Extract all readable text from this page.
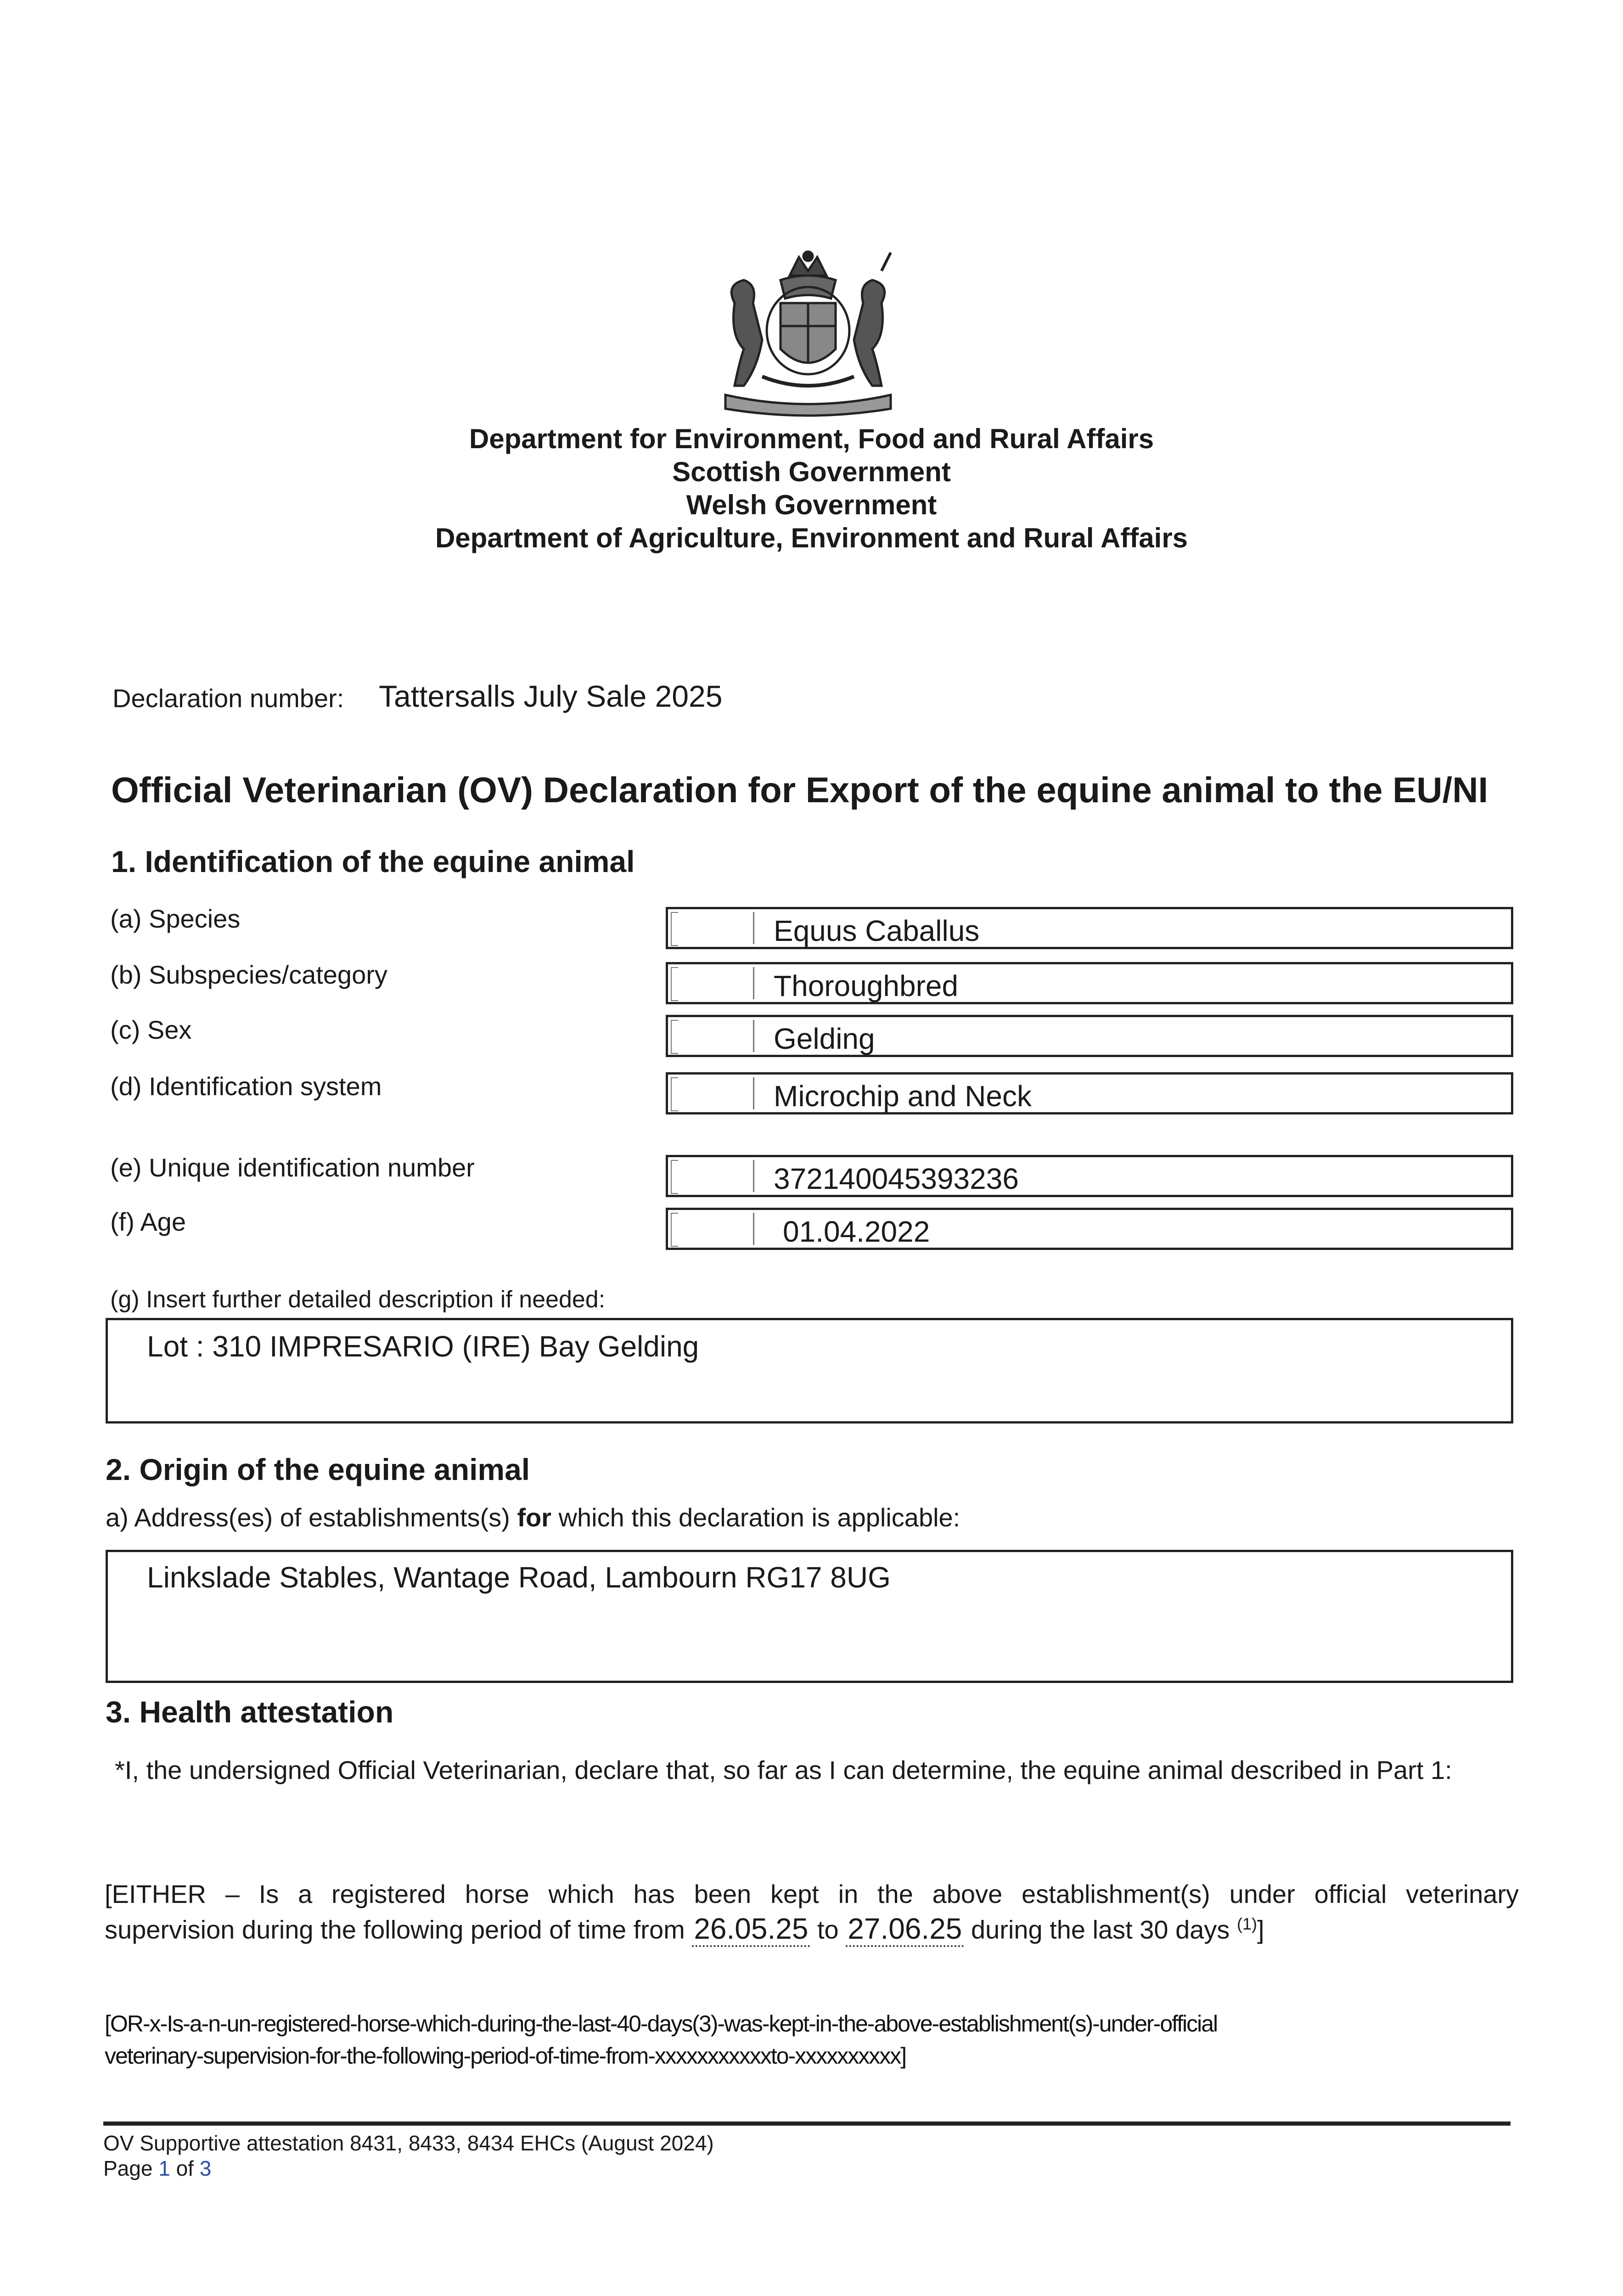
Department for Environment, Food and Rural Affairs
Scottish Government
Welsh Government
Department of Agriculture, Environment and Rural Affairs
Declaration number: Tattersalls July Sale 2025
Official Veterinarian (OV) Declaration for Export of the equine animal to the EU/NI
1. Identification of the equine animal
(a) Species	Equus Caballus
(b) Subspecies/category	Thoroughbred
(c) Sex	Gelding
(d) Identification system	Microchip and Neck
(e) Unique identification number	372140045393236
(f) Age	01.04.2022
(g) Insert further detailed description if needed:
Lot : 310 IMPRESARIO (IRE) Bay Gelding
2. Origin of the equine animal
a) Address(es) of establishments(s) for which this declaration is applicable:
Linkslade Stables, Wantage Road, Lambourn RG17 8UG
3. Health attestation
*I, the undersigned Official Veterinarian, declare that, so far as I can determine, the equine animal described in Part 1:
[EITHER – Is a registered horse which has been kept in the above establishment(s) under official veterinary
supervision during the following period of time from 26.05.25 to 27.06.25 during the last 30 days $^{(1)}$]
[OR-x-Is-a-n-un-registered-horse-which-during-the-last-40-days(3)-was-kept-in-the-above-establishment(s)-under-official
veterinary-supervision-for-the-following-period-of-time-from-xxxxxxxxxxxto-xxxxxxxxxx]
OV Supportive attestation 8431, 8433, 8434 EHCs (August 2024)
Page 1 of 3
